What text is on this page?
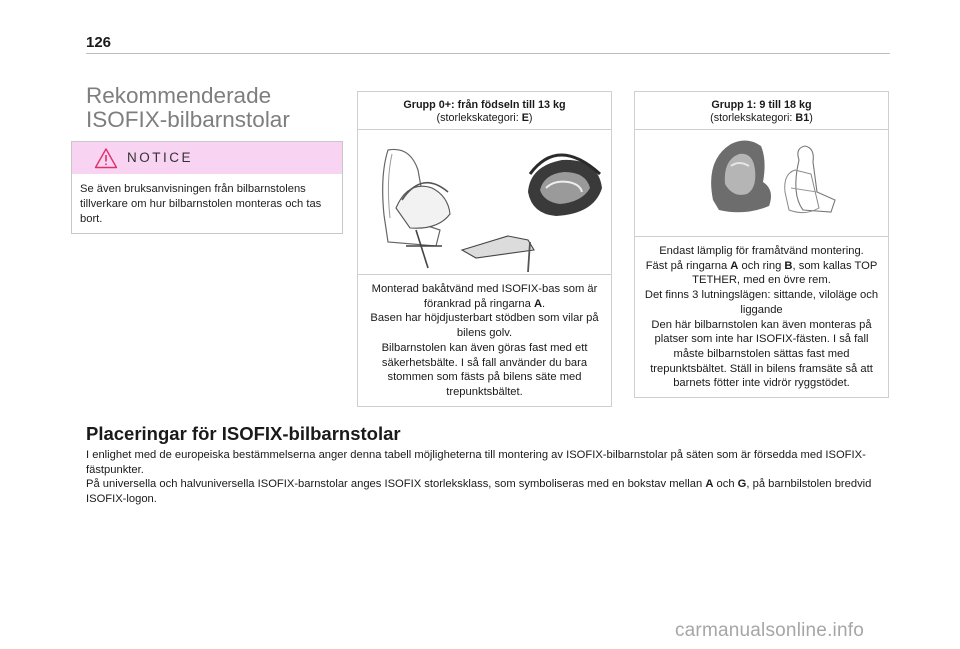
126
Rekommenderade
ISOFIX-bilbarnstolar
NOTICE
Se även bruksanvisningen från bilbarnstolens tillverkare om hur bilbarnstolen monteras och tas bort.
Grupp 0+: från födseln till 13 kg
(storlekskategori: E)
Monterad bakåtvänd med ISOFIX-bas som är förankrad på ringarna A.
Basen har höjdjusterbart stödben som vilar på bilens golv.
Bilbarnstolen kan även göras fast med ett säkerhetsbälte. I så fall använder du bara stommen som fästs på bilens säte med trepunktsbältet.
Grupp 1: 9 till 18 kg
(storlekskategori: B1)
Endast lämplig för framåtvänd montering.
Fäst på ringarna A och ring B, som kallas TOP TETHER, med en övre rem.
Det finns 3 lutningslägen: sittande, viloläge och liggande
Den här bilbarnstolen kan även monteras på platser som inte har ISOFIX-fästen. I så fall måste bilbarnstolen sättas fast med trepunktsbältet. Ställ in bilens framsäte så att barnets fötter inte vidrör ryggstödet.
Placeringar för ISOFIX-bilbarnstolar

I enlighet med de europeiska bestämmelserna anger denna tabell möjligheterna till montering av ISOFIX-bilbarnstolar på säten som är försedda med ISOFIX-fästpunkter.

På universella och halvuniversella ISOFIX-barnstolar anges ISOFIX storleksklass, som symboliseras med en bokstav mellan A och G, på barnbilstolen bredvid ISOFIX-logon.

carmanualsonline.info
